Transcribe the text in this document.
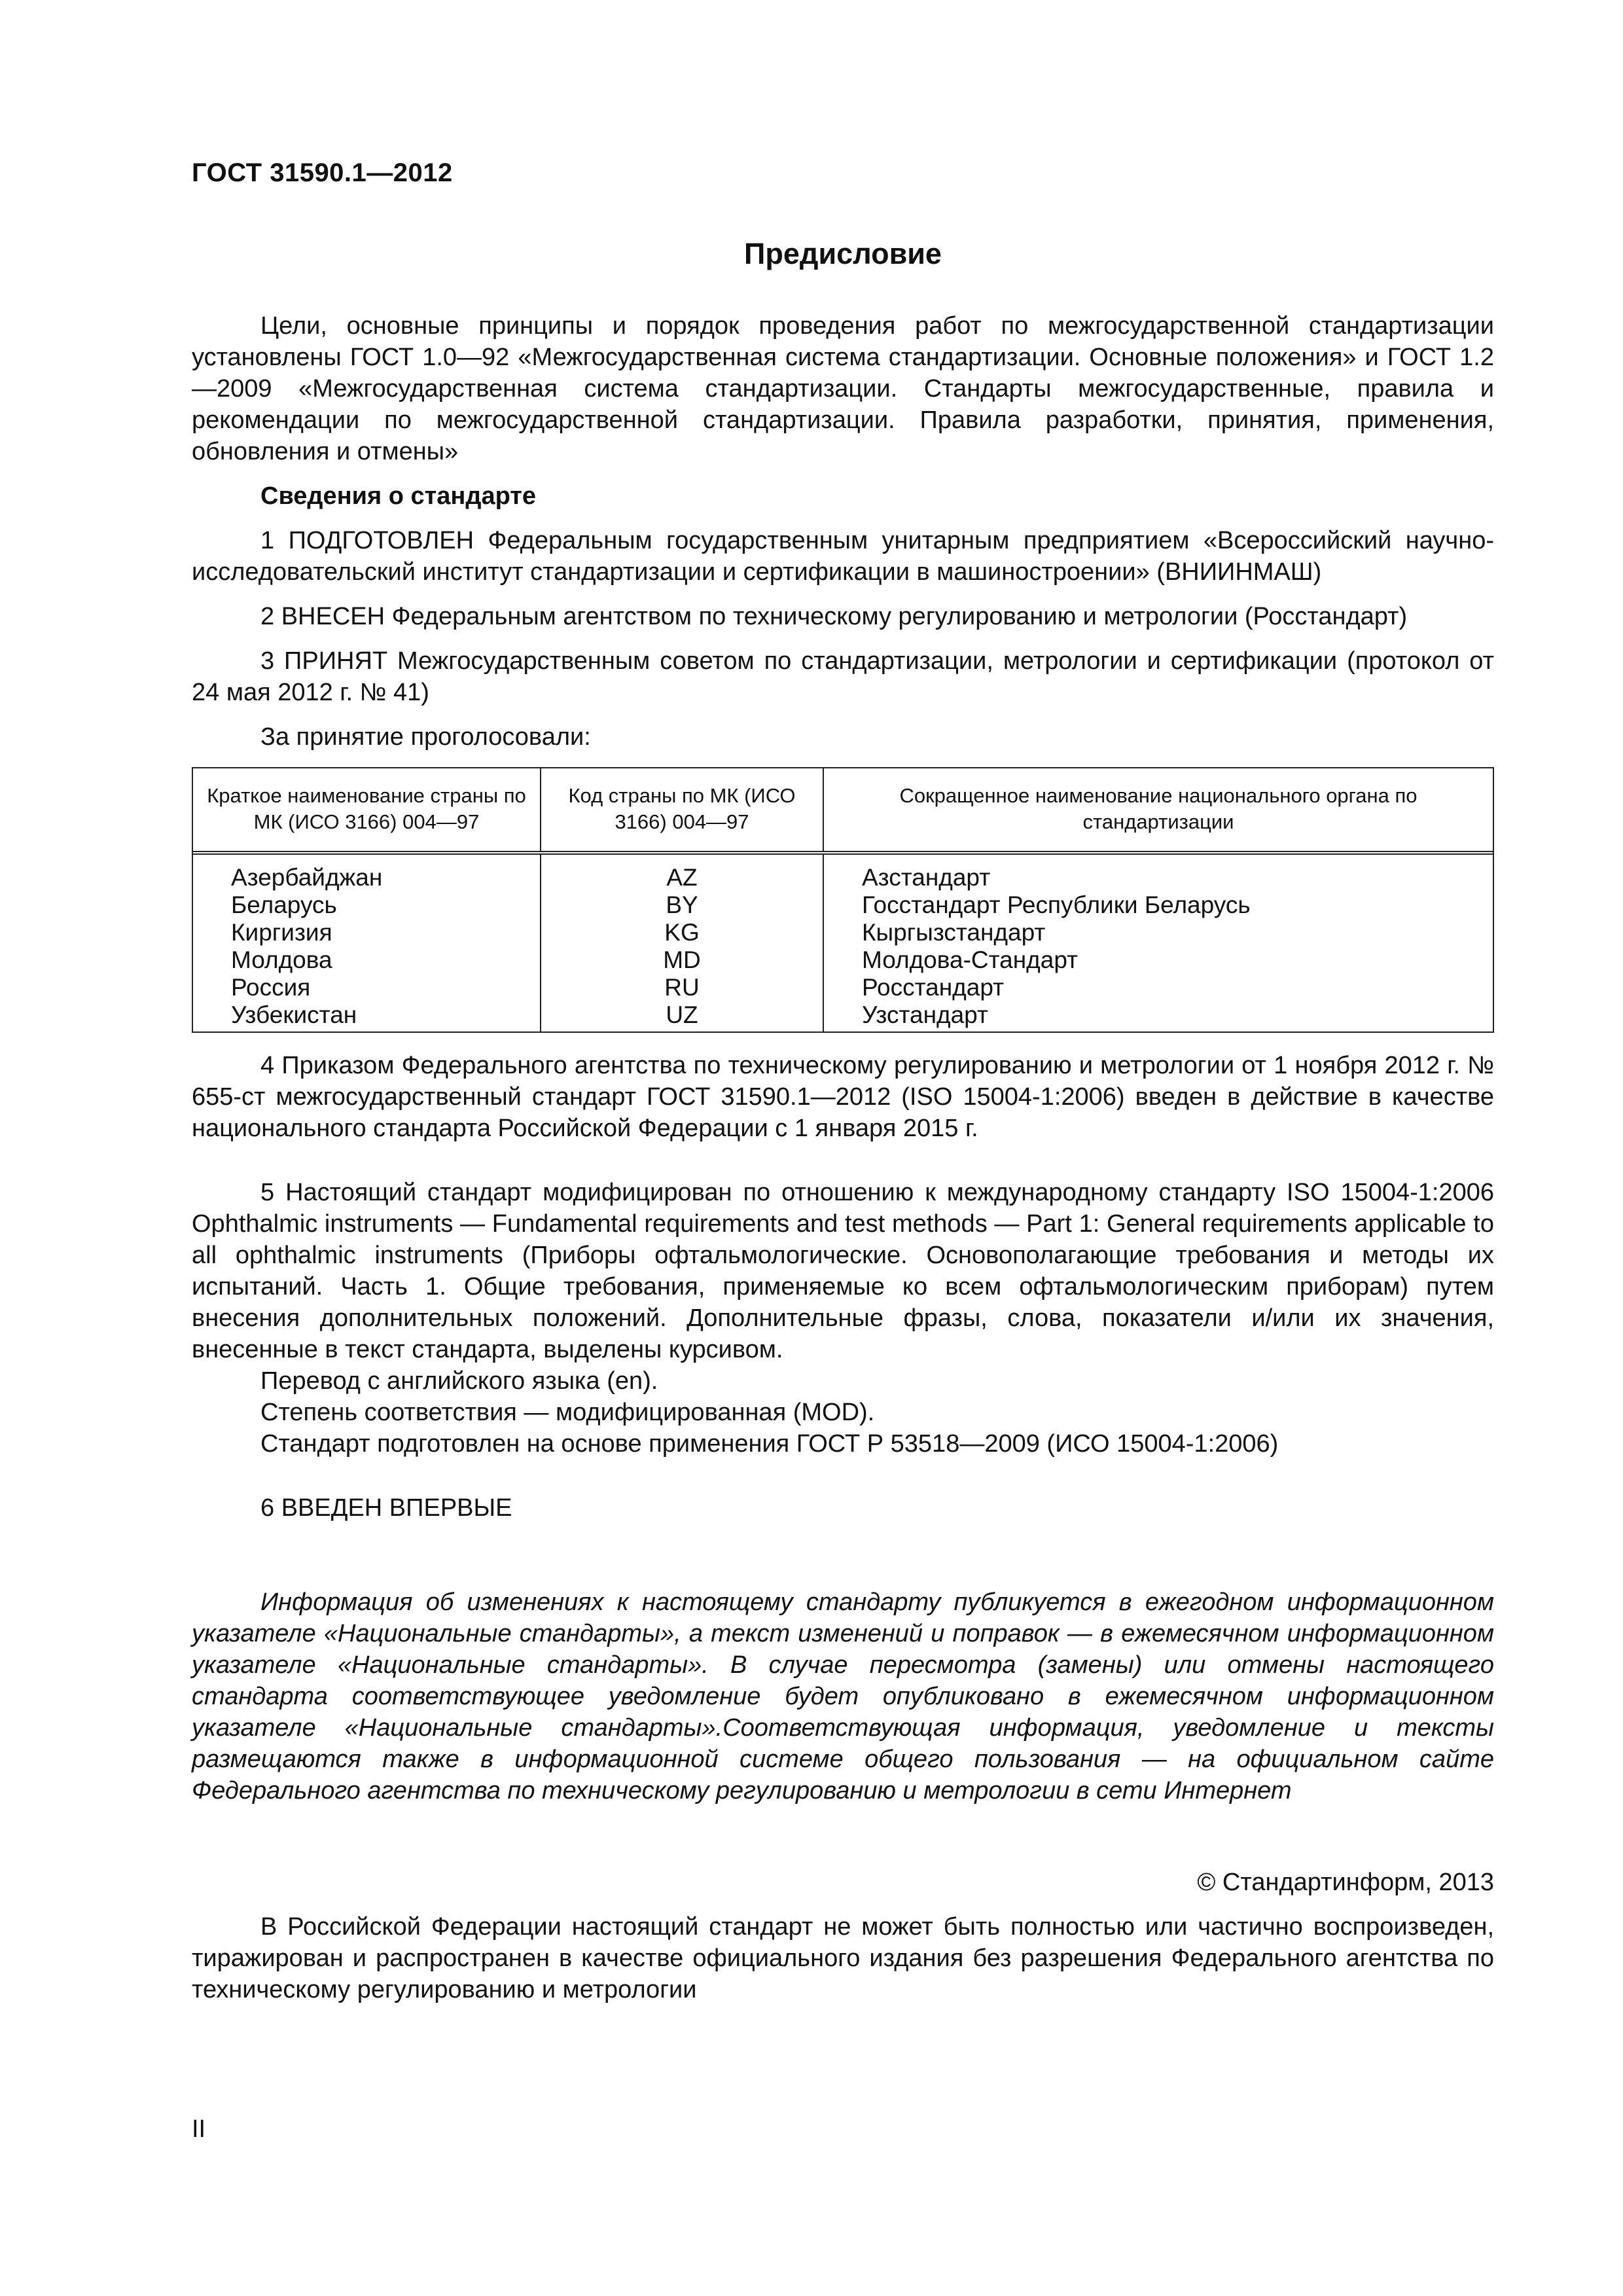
ГОСТ 31590.1—2012
Предисловие

Цели, основные принципы и порядок проведения работ по межгосударственной стандартизации установлены ГОСТ 1.0—92 «Межгосударственная система стандартизации. Основные положения» и ГОСТ 1.2—2009 «Межгосударственная система стандартизации. Стандарты межгосударственные, правила и рекомендации по межгосударственной стандартизации. Правила разработки, принятия, применения, обновления и отмены»

Сведения о стандарте

1 ПОДГОТОВЛЕН Федеральным государственным унитарным предприятием «Всероссийский научно-исследовательский институт стандартизации и сертификации в машиностроении» (ВНИИНМАШ)

2 ВНЕСЕН Федеральным агентством по техническому регулированию и метрологии (Росстандарт)

3 ПРИНЯТ Межгосударственным советом по стандартизации, метрологии и сертификации (протокол от 24 мая 2012 г. № 41)

За принятие проголосовали:

Краткое наименование страны по МК (ИСО 3166) 004—97	Код страны по МК (ИСО 3166) 004—97	Сокращенное наименование национального органа по стандартизации
Азербайджан	AZ	Азстандарт
Беларусь	BY	Госстандарт Республики Беларусь
Киргизия	KG	Кыргызстандарт
Молдова	MD	Молдова-Стандарт
Россия	RU	Росстандарт
Узбекистан	UZ	Узстандарт

4 Приказом Федерального агентства по техническому регулированию и метрологии от 1 ноября 2012 г. № 655-ст межгосударственный стандарт ГОСТ 31590.1—2012 (ISO 15004-1:2006) введен в действие в качестве национального стандарта Российской Федерации с 1 января 2015 г.

5 Настоящий стандарт модифицирован по отношению к международному стандарту ISO 15004-1:2006 Ophthalmic instruments — Fundamental requirements and test methods — Part 1: General requirements applicable to all ophthalmic instruments (Приборы офтальмологические. Основополагающие требования и методы их испытаний. Часть 1. Общие требования, применяемые ко всем офтальмологическим приборам) путем внесения дополнительных положений. Дополнительные фразы, слова, показатели и/или их значения, внесенные в текст стандарта, выделены курсивом.

Перевод с английского языка (en).

Степень соответствия — модифицированная (MOD).

Стандарт подготовлен на основе применения ГОСТ Р 53518—2009 (ИСО 15004-1:2006)

6 ВВЕДЕН ВПЕРВЫЕ

Информация об изменениях к настоящему стандарту публикуется в ежегодном информационном указателе «Национальные стандарты», а текст изменений и поправок — в ежемесячном информационном указателе «Национальные стандарты». В случае пересмотра (замены) или отмены настоящего стандарта соответствующее уведомление будет опубликовано в ежемесячном информационном указателе «Национальные стандарты».Соответствующая информация, уведомление и тексты размещаются также в информационной системе общего пользования — на официальном сайте Федерального агентства по техническому регулированию и метрологии в сети Интернет

© Стандартинформ, 2013

В Российской Федерации настоящий стандарт не может быть полностью или частично воспроизведен, тиражирован и распространен в качестве официального издания без разрешения Федерального агентства по техническому регулированию и метрологии

II
